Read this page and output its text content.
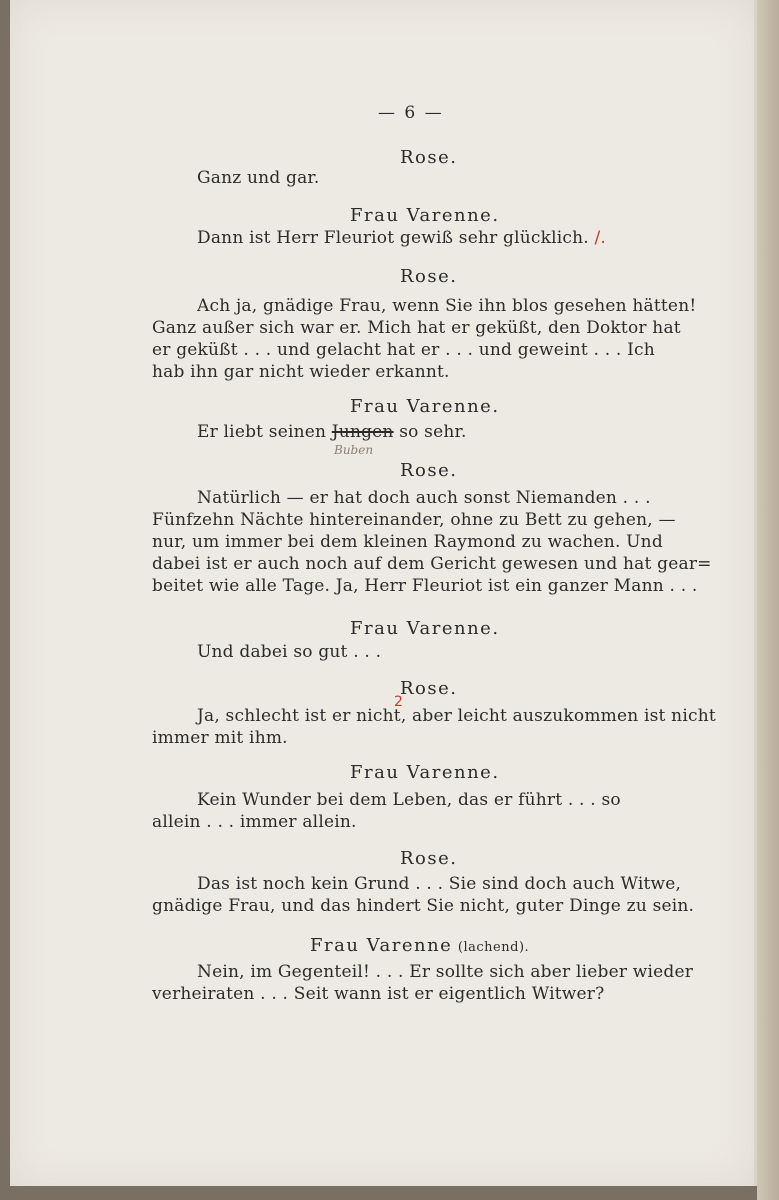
— 6 —
Rose.
Ganz und gar.
Frau Varenne.
Dann ist Herr Fleuriot gewiß sehr glücklich. /.
Rose.
Ach ja, gnädige Frau, wenn Sie ihn blos gesehen hätten!
Ganz außer sich war er. Mich hat er geküßt, den Doktor hat
er geküßt . . . und gelacht hat er . . . und geweint . . . Ich
hab ihn gar nicht wieder erkannt.
Frau Varenne.
Er liebt seinen Jungen so sehr.
Buben
Rose.
Natürlich — er hat doch auch sonst Niemanden . . .
Fünfzehn Nächte hintereinander, ohne zu Bett zu gehen, —
nur, um immer bei dem kleinen Raymond zu wachen. Und
dabei ist er auch noch auf dem Gericht gewesen und hat gear=
beitet wie alle Tage. Ja, Herr Fleuriot ist ein ganzer Mann . . .
Frau Varenne.
Und dabei so gut . . .
Rose.
Ja, schlecht ist er nicht, aber leicht auszukommen ist nicht
2
immer mit ihm.
Frau Varenne.
Kein Wunder bei dem Leben, das er führt . . . so
allein . . . immer allein.
Rose.
Das ist noch kein Grund . . . Sie sind doch auch Witwe,
gnädige Frau, und das hindert Sie nicht, guter Dinge zu sein.
Frau Varenne (lachend).
Nein, im Gegenteil! . . . Er sollte sich aber lieber wieder
verheiraten . . . Seit wann ist er eigentlich Witwer?
